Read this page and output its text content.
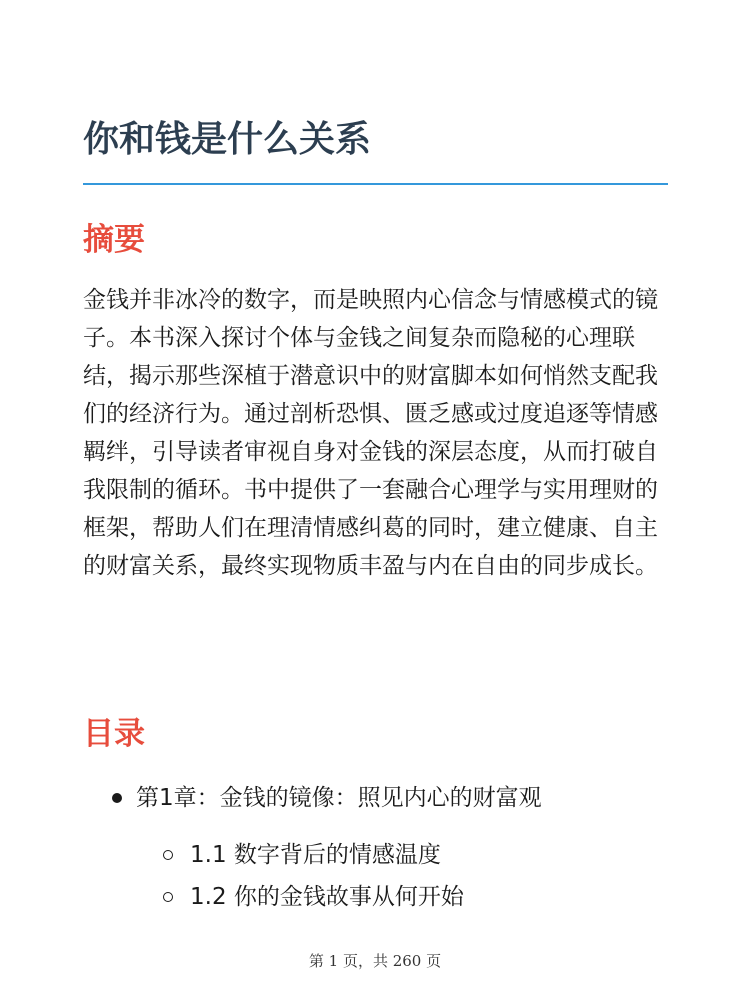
你和钱是什么关系
摘要

金钱并非冰冷的数字，而是映照内心信念与情感模式的镜子。本书深入探讨个体与金钱之间复杂而隐秘的心理联结，揭示那些深植于潜意识中的财富脚本如何悄然支配我们的经济行为。通过剖析恐惧、匮乏感或过度追逐等情感羁绊，引导读者审视自身对金钱的深层态度，从而打破自我限制的循环。书中提供了一套融合心理学与实用理财的框架，帮助人们在理清情感纠葛的同时，建立健康、自主的财富关系，最终实现物质丰盈与内在自由的同步成长。

目录
第1章：金钱的镜像：照见内心的财富观
1.1 数字背后的情感温度
1.2 你的金钱故事从何开始
第 1 页，共 260 页
